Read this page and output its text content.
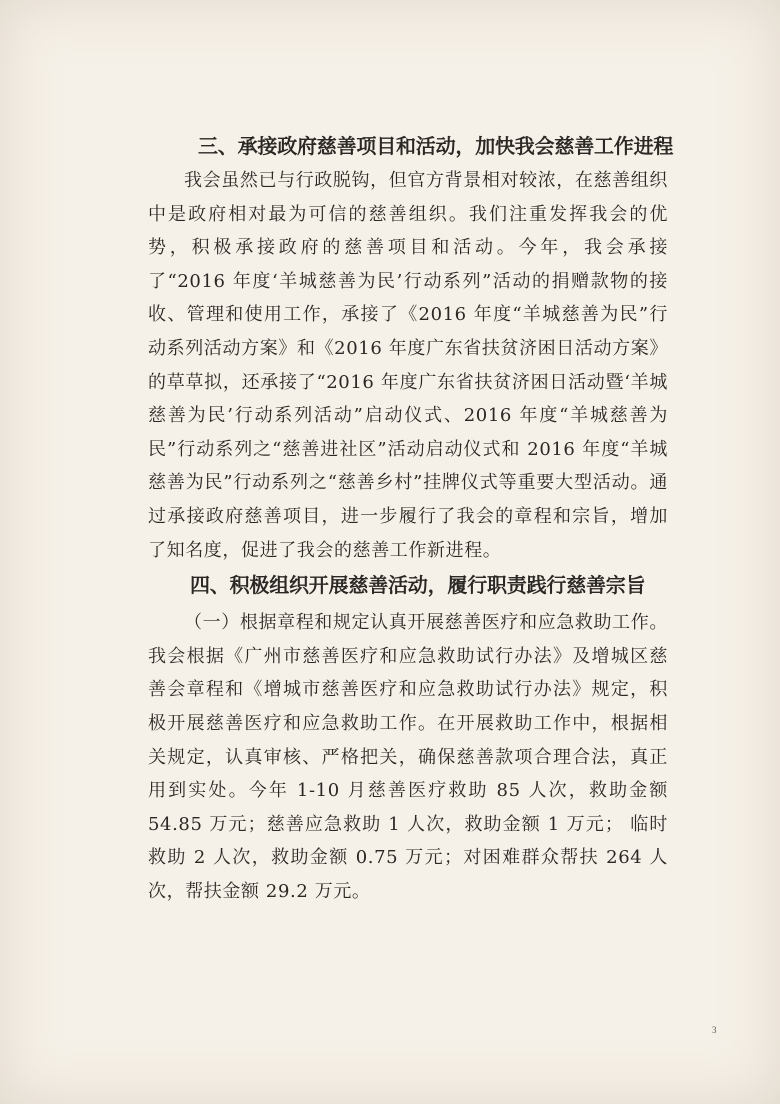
三、承接政府慈善项目和活动，加快我会慈善工作进程

我会虽然已与行政脱钩，但官方背景相对较浓，在慈善组织中是政府相对最为可信的慈善组织。我们注重发挥我会的优势，积极承接政府的慈善项目和活动。今年，我会承接了“2016 年度‘羊城慈善为民’行动系列”活动的捐赠款物的接收、管理和使用工作，承接了《2016 年度“羊城慈善为民”行动系列活动方案》和《2016 年度广东省扶贫济困日活动方案》的草草拟，还承接了“2016 年度广东省扶贫济困日活动暨‘羊城慈善为民’行动系列活动”启动仪式、2016 年度“羊城慈善为民”行动系列之“慈善进社区”活动启动仪式和 2016 年度“羊城慈善为民”行动系列之“慈善乡村”挂牌仪式等重要大型活动。通过承接政府慈善项目，进一步履行了我会的章程和宗旨，增加了知名度，促进了我会的慈善工作新进程。

四、积极组织开展慈善活动，履行职责践行慈善宗旨

（一）根据章程和规定认真开展慈善医疗和应急救助工作。我会根据《广州市慈善医疗和应急救助试行办法》及增城区慈善会章程和《增城市慈善医疗和应急救助试行办法》规定，积极开展慈善医疗和应急救助工作。在开展救助工作中，根据相关规定，认真审核、严格把关，确保慈善款项合理合法，真正用到实处。今年 1-10 月慈善医疗救助 85 人次，救助金额 54.85 万元；慈善应急救助 1 人次，救助金额 1 万元； 临时救助 2 人次，救助金额 0.75 万元；对困难群众帮扶 264 人次，帮扶金额 29.2 万元。

3
